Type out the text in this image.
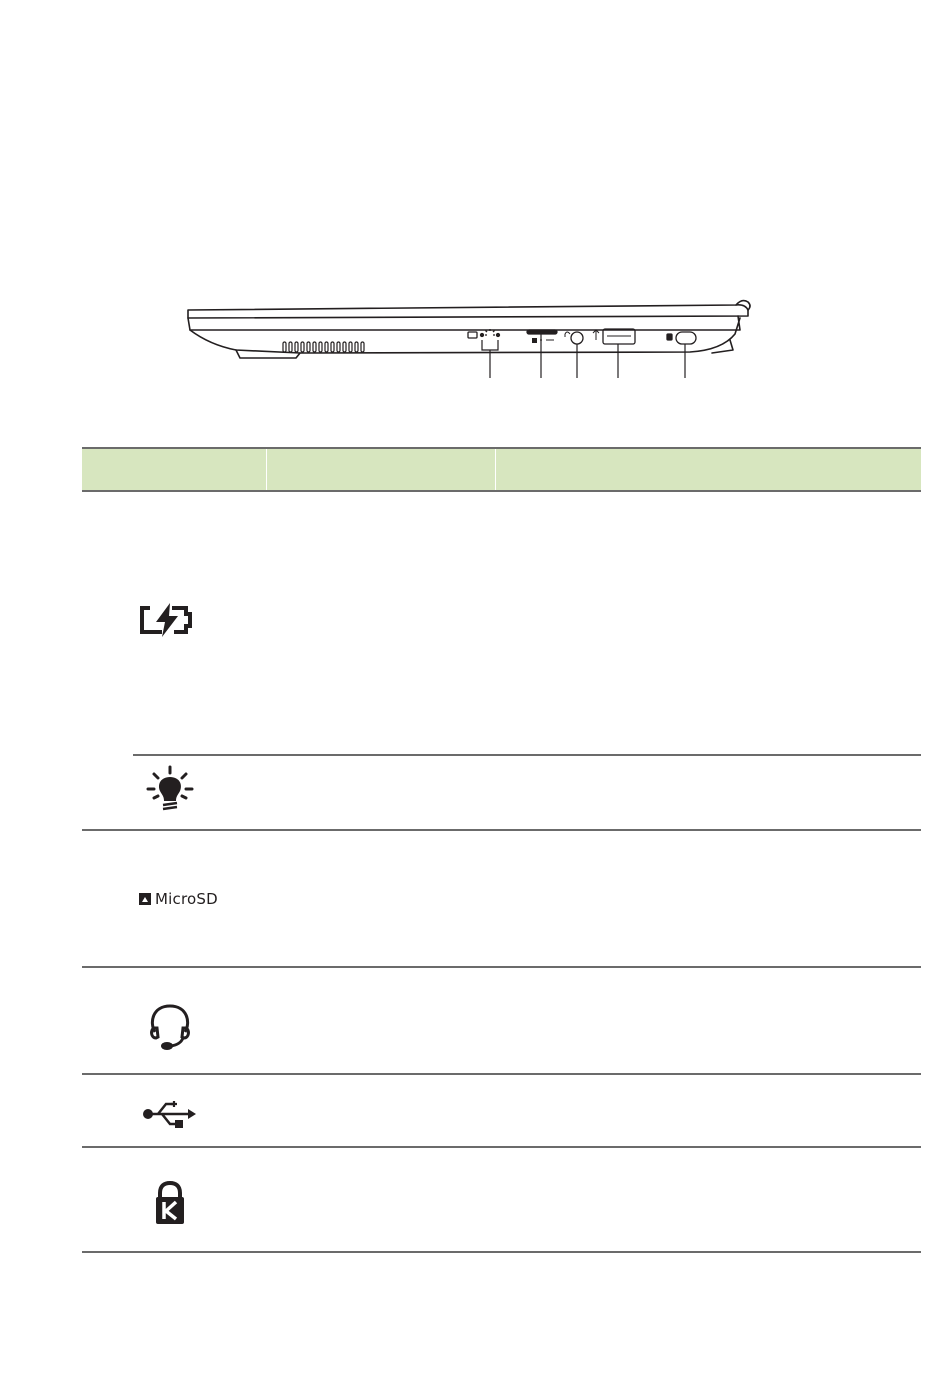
MicroSD
